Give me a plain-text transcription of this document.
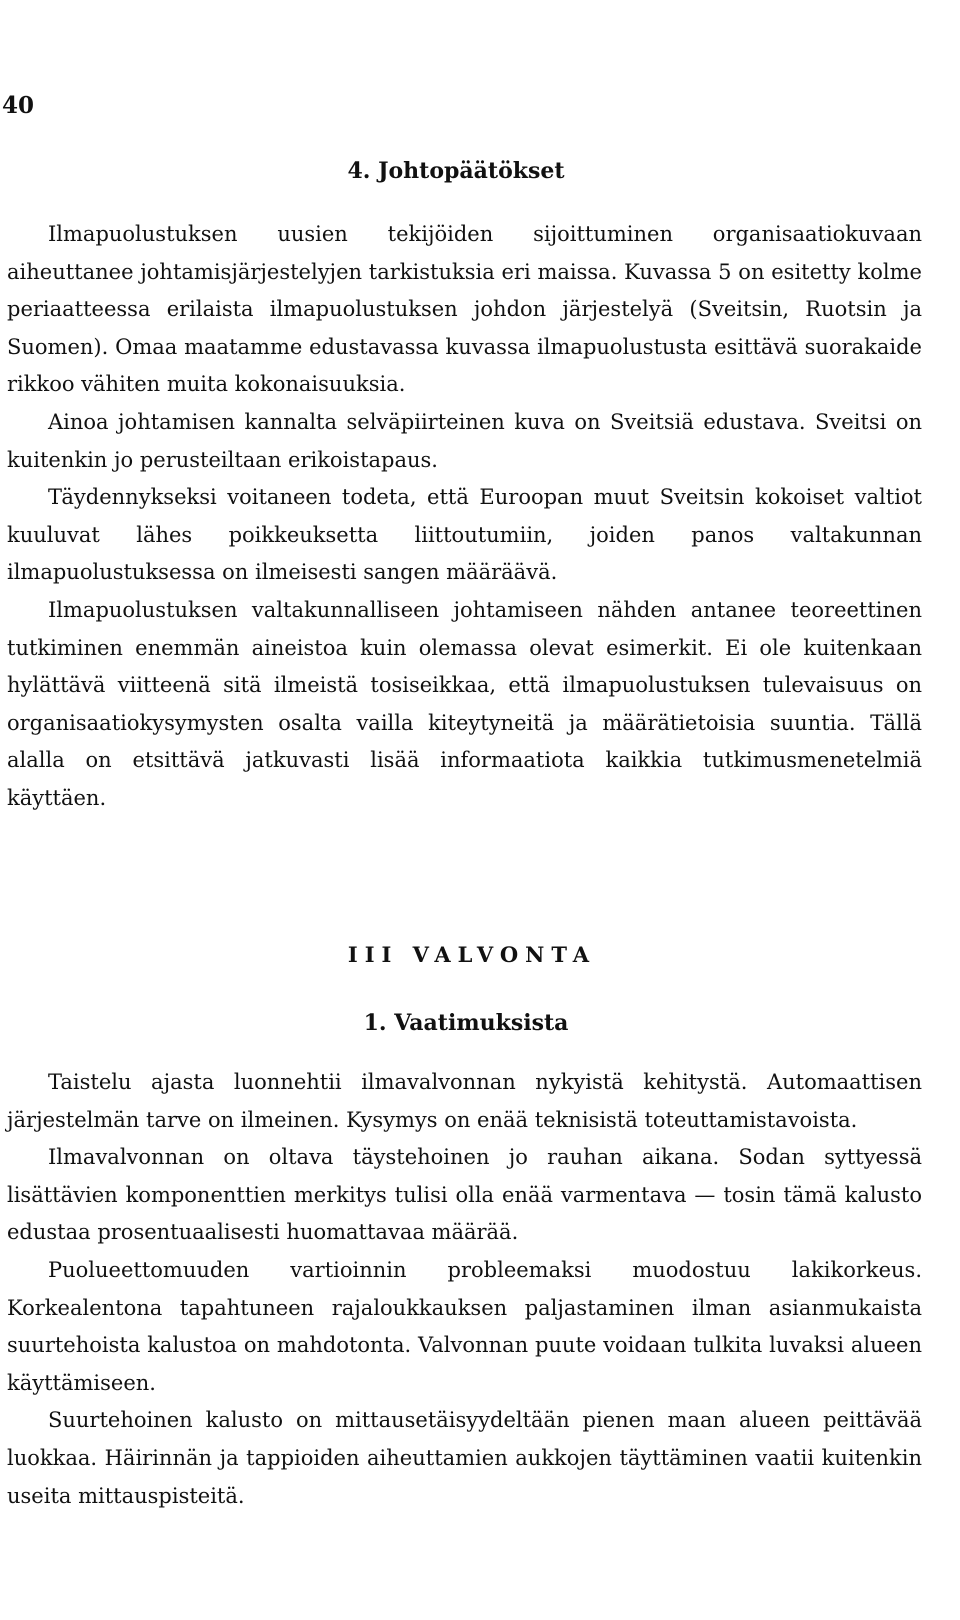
40
4. Johtopäätökset

Ilmapuolustuksen uusien tekijöiden sijoittuminen organisaatiokuvaan aiheuttanee johtamisjärjestelyjen tarkistuksia eri maissa. Kuvassa 5 on esitetty kolme periaatteessa erilaista ilmapuolustuksen johdon järjestelyä (Sveitsin, Ruotsin ja Suomen). Omaa maatamme edustavassa kuvassa ilmapuolustusta esittävä suorakaide rikkoo vähiten muita kokonaisuuksia.

Ainoa johtamisen kannalta selväpiirteinen kuva on Sveitsiä edustava. Sveitsi on kuitenkin jo perusteiltaan erikoistapaus.

Täydennykseksi voitaneen todeta, että Euroopan muut Sveitsin kokoiset valtiot kuuluvat lähes poikkeuksetta liittoutumiin, joiden panos valtakunnan ilmapuolustuksessa on ilmeisesti sangen määräävä.

Ilmapuolustuksen valtakunnalliseen johtamiseen nähden antanee teoreettinen tutkiminen enemmän aineistoa kuin olemassa olevat esimerkit. Ei ole kuitenkaan hylättävä viitteenä sitä ilmeistä tosiseikkaa, että ilmapuolustuksen tulevaisuus on organisaatiokysymysten osalta vailla kiteytyneitä ja määrätietoisia suuntia. Tällä alalla on etsittävä jatkuvasti lisää informaatiota kaikkia tutkimusmenetelmiä käyttäen.

III VALVONTA
1. Vaatimuksista

Taistelu ajasta luonnehtii ilmavalvonnan nykyistä kehitystä. Automaattisen järjestelmän tarve on ilmeinen. Kysymys on enää teknisistä toteuttamistavoista.

Ilmavalvonnan on oltava täystehoinen jo rauhan aikana. Sodan syttyessä lisättävien komponenttien merkitys tulisi olla enää varmentava — tosin tämä kalusto edustaa prosentuaalisesti huomattavaa määrää.

Puolueettomuuden vartioinnin probleemaksi muodostuu lakikorkeus. Korkealentona tapahtuneen rajaloukkauksen paljastaminen ilman asianmukaista suurtehoista kalustoa on mahdotonta. Valvonnan puute voidaan tulkita luvaksi alueen käyttämiseen.

Suurtehoinen kalusto on mittausetäisyydeltään pienen maan alueen peittävää luokkaa. Häirinnän ja tappioiden aiheuttamien aukkojen täyttäminen vaatii kuitenkin useita mittauspisteitä.
